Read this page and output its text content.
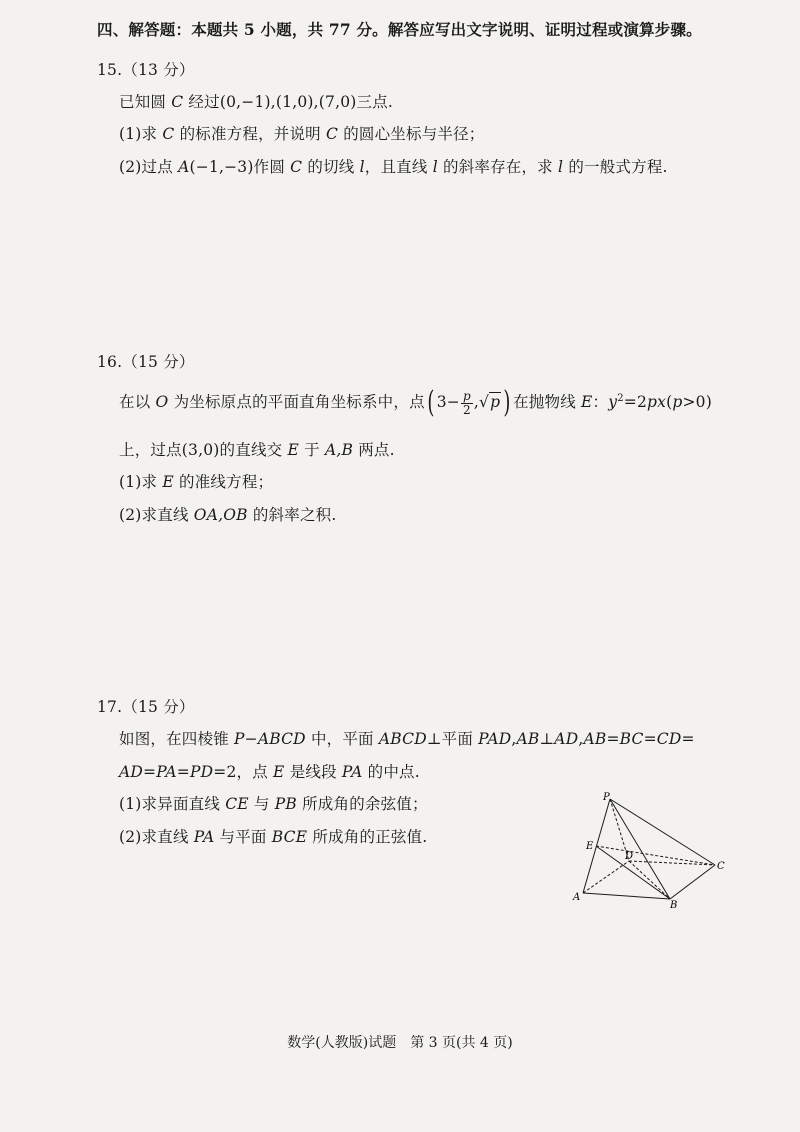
四、解答题：本题共 5 小题，共 77 分。解答应写出文字说明、证明过程或演算步骤。
15.（13 分）
已知圆 C 经过(0,−1),(1,0),(7,0)三点.
(1)求 C 的标准方程，并说明 C 的圆心坐标与半径；
(2)过点 A(−1,−3)作圆 C 的切线 l，且直线 l 的斜率存在，求 l 的一般式方程.
16.（15 分）
在以 O 为坐标原点的平面直角坐标系中，点( $3- \frac{p}{2} ,√p$ ) 在抛物线 E：$y^2=2px(p>0)$
上，过点(3,0)的直线交 E 于 A,B 两点.
(1)求 E 的准线方程；
(2)求直线 OA,OB 的斜率之积.
17.（15 分）
如图，在四棱锥 P−ABCD 中，平面 ABCD⊥平面 PAD,AB⊥AD,AB=BC=CD=
AD=PA=PD=2，点 E 是线段 PA 的中点.
(1)求异面直线 CE 与 PB 所成角的余弦值；
(2)求直线 PA 与平面 BCE 所成角的正弦值.
P
E
D
C
A
B
数学(人教版)试题　第 3 页(共 4 页)
